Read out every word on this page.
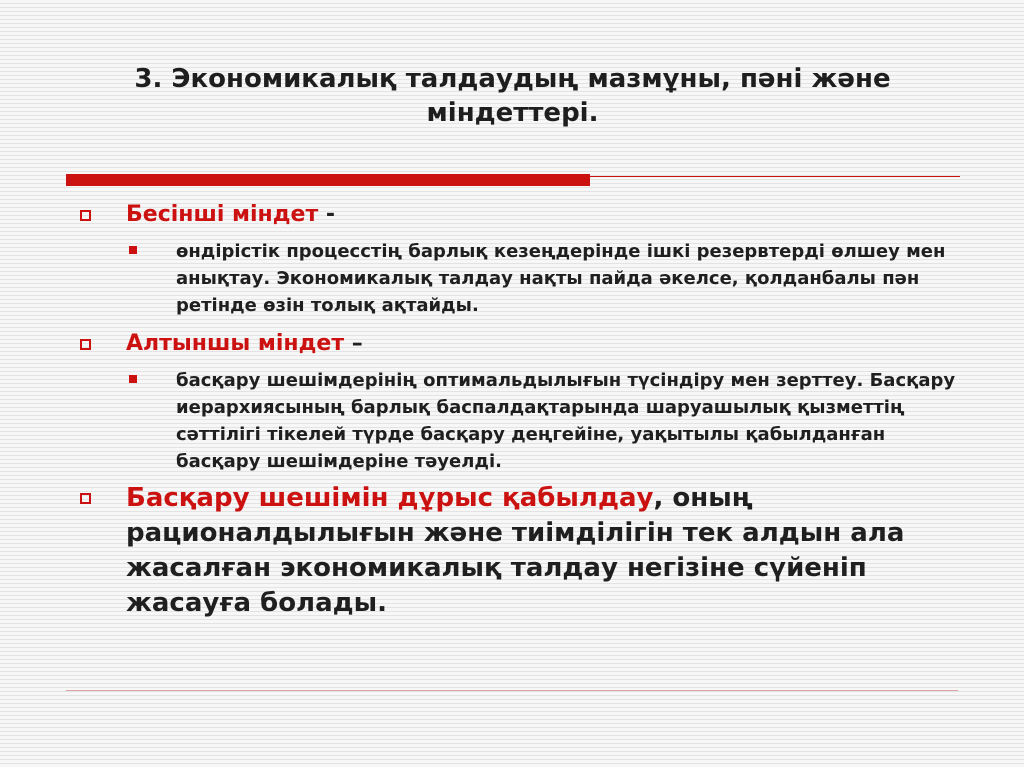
3. Экономикалық талдаудың мазмұны, пәні және міндеттері.
Бесінші міндет -
өндірістік процесстің барлық кезеңдерінде ішкі резервтерді өлшеу мен анықтау. Экономикалық талдау нақты пайда әкелсе, қолданбалы пән ретінде өзін толық ақтайды.
Алтыншы міндет –
басқару шешімдерінің оптимальдылығын түсіндіру мен зерттеу. Басқару иерархиясының барлық баспалдақтарында шаруашылық қызметтің сәттілігі тікелей түрде басқару деңгейіне, уақытылы қабылданған басқару шешімдеріне тәуелді.
Басқару шешімін дұрыс қабылдау, оның рационалдылығын және тиімділігін тек алдын ала жасалған экономикалық талдау негізіне сүйеніп жасауға болады.
